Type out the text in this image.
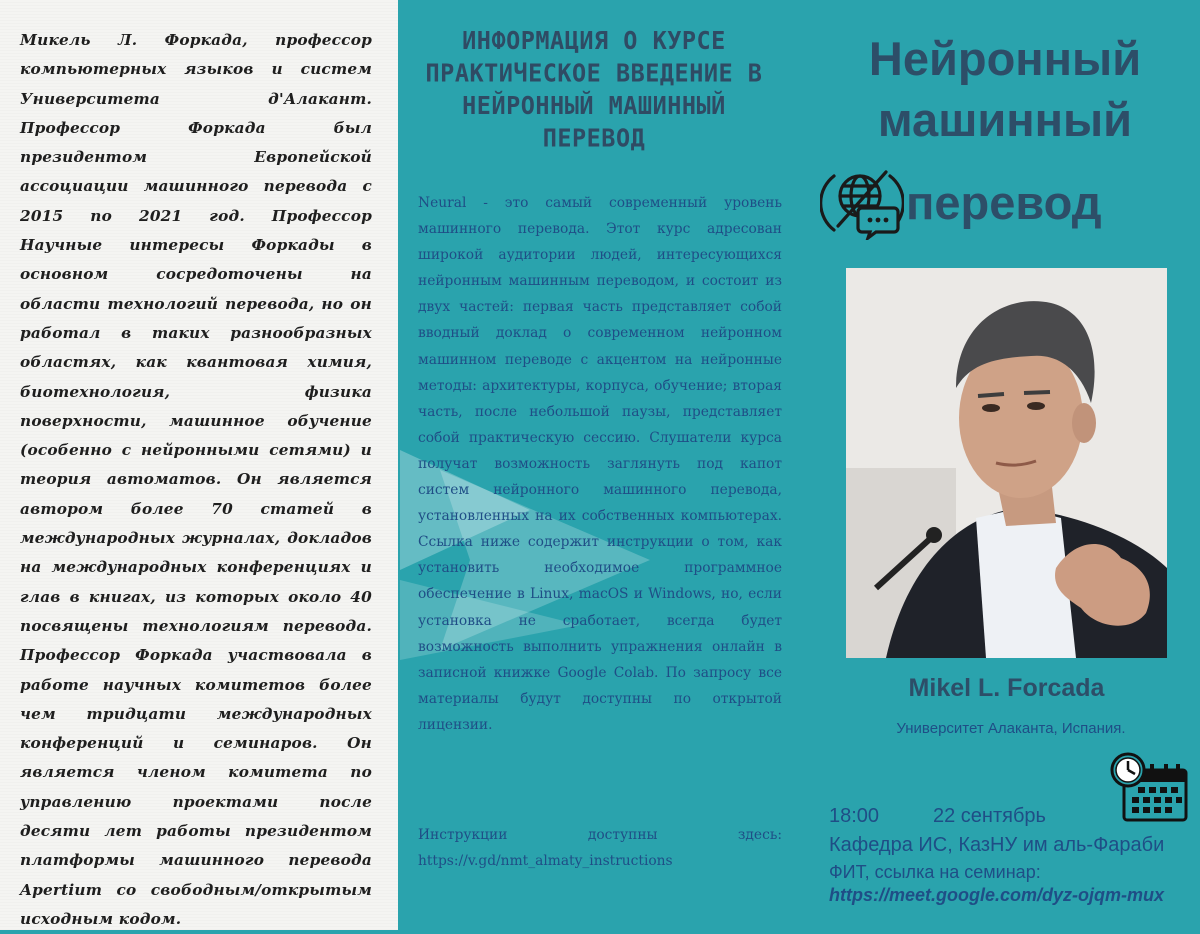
Микель Л. Форкада, профессор компьютерных языков и систем Университета д'Алакант. Профессор Форкада был президентом Европейской ассоциации машинного перевода с 2015 по 2021 год. Профессор Научные интересы Форкады в основном сосредоточены на области технологий перевода, но он работал в таких разнообразных областях, как квантовая химия, биотехнология, физика поверхности, машинное обучение (особенно с нейронными сетями) и теория автоматов. Он является автором более 70 статей в международных журналах, докладов на международных конференциях и глав в книгах, из которых около 40 посвящены технологиям перевода. Профессор Форкада участвовала в работе научных комитетов более чем тридцати международных конференций и семинаров. Он является членом комитета по управлению проектами после десяти лет работы президентом платформы машинного перевода Apertium со свободным/открытым исходным кодом.

ИНФОРМАЦИЯ О КУРСЕ
ПРАКТИЧЕСКОЕ ВВЕДЕНИЕ В
НЕЙРОННЫЙ МАШИННЫЙ
ПЕРЕВОД

Neural - это самый современный уровень машинного перевода. Этот курс адресован широкой аудитории людей, интересующихся нейронным машинным переводом, и состоит из двух частей: первая часть представляет собой вводный доклад о современном нейронном машинном переводе с акцентом на нейронные методы: архитектуры, корпуса, обучение; вторая часть, после небольшой паузы, представляет собой практическую сессию. Слушатели курса получат возможность заглянуть под капот систем нейронного машинного перевода, установленных на их собственных компьютерах. Ссылка ниже содержит инструкции о том, как установить необходимое программное обеспечение в Linux, macOS и Windows, но, если установка не сработает, всегда будет возможность выполнить упражнения онлайн в записной книжке Google Colab. По запросу все материалы будут доступны по открытой лицензии.

Инструкции	доступны	здесь:
https://v.gd/nmt_almaty_instructions
Нейронный
машинный

перевод

Mikel L. Forcada

Университет Алаканта, Испания.

18:00	22 сентябрь

Кафедра ИС, КазНУ им аль-Фараби

ФИТ, ссылка на семинар:

https://meet.google.com/dyz-ojqm-mux
